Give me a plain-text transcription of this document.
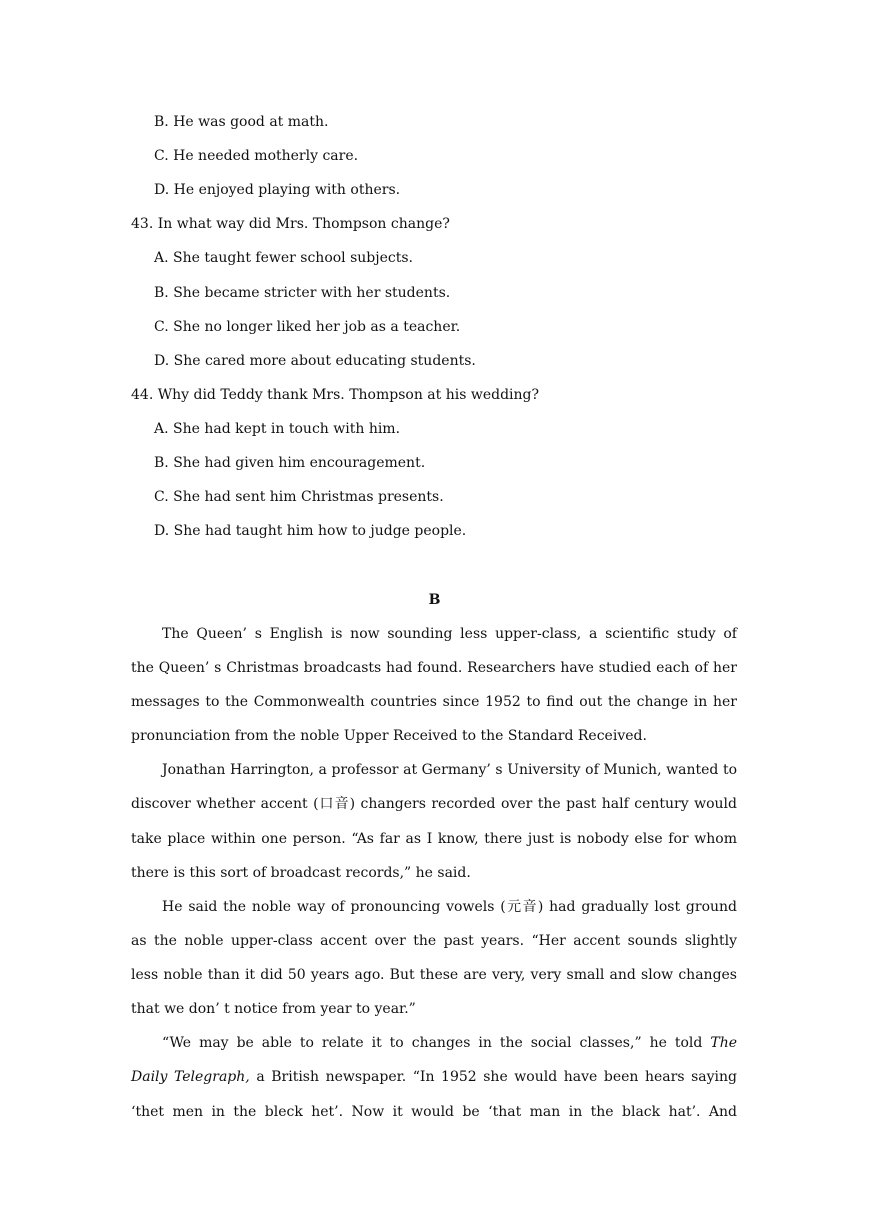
B. He was good at math.
C. He needed motherly care.
D. He enjoyed playing with others.
43. In what way did Mrs. Thompson change?
A. She taught fewer school subjects.
B. She became stricter with her students.
C. She no longer liked her job as a teacher.
D. She cared more about educating students.
44. Why did Teddy thank Mrs. Thompson at his wedding?
A. She had kept in touch with him.
B. She had given him encouragement.
C. She had sent him Christmas presents.
D. She had taught him how to judge people.
B
The Queen’ s English is now sounding less upper-class, a scientific study of
the Queen’ s Christmas broadcasts had found. Researchers have studied each of her
messages to the Commonwealth countries since 1952 to find out the change in her
pronunciation from the noble Upper Received to the Standard Received.
Jonathan Harrington, a professor at Germany’ s University of Munich, wanted to
discover whether accent (口音) changers recorded over the past half century would
take place within one person. “As far as I know, there just is nobody else for whom
there is this sort of broadcast records,” he said.
He said the noble way of pronouncing vowels (元音) had gradually lost ground
as the noble upper-class accent over the past years. “Her accent sounds slightly
less noble than it did 50 years ago. But these are very, very small and slow changes
that we don’ t notice from year to year.”
“We may be able to relate it to changes in the social classes,” he told The
Daily Telegraph, a British newspaper. “In 1952 she would have been hears saying
‘thet men in the bleck het’. Now it would be ‘that man in the black hat’. And
